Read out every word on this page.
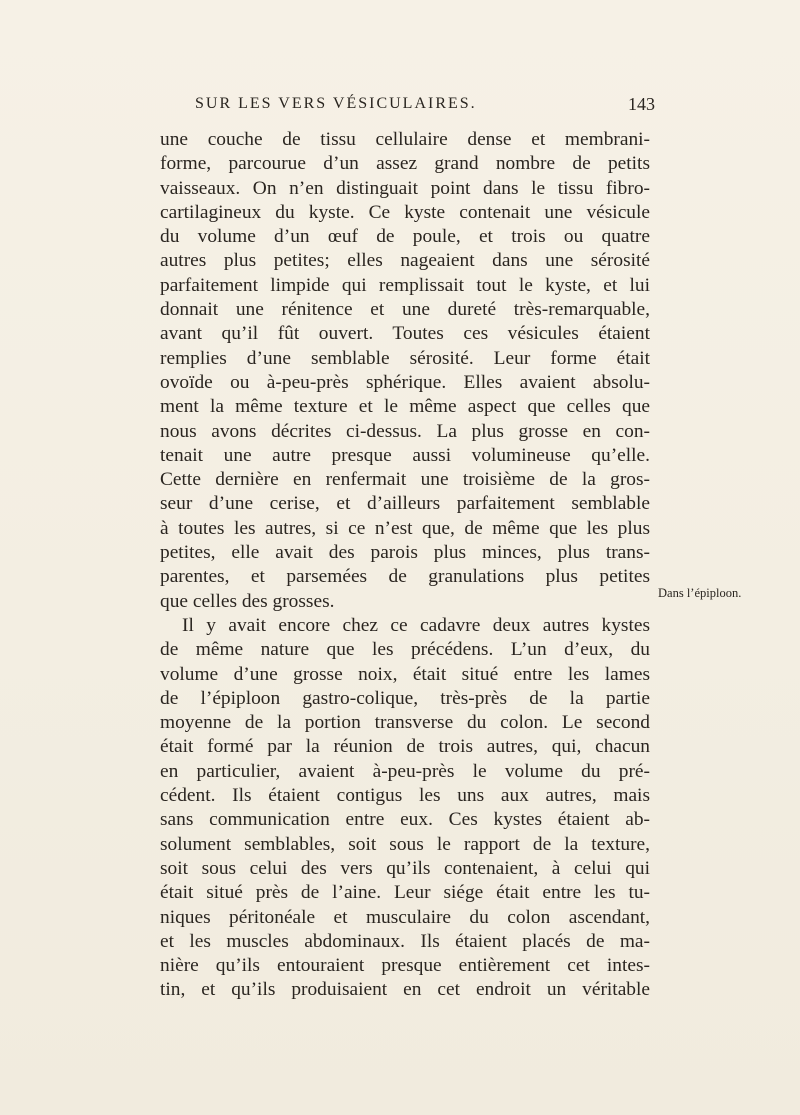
SUR LES VERS VÉSICULAIRES.	143
une couche de tissu cellulaire dense et membrani-
forme, parcourue d’un assez grand nombre de petits
vaisseaux. On n’en distinguait point dans le tissu fibro-
cartilagineux du kyste. Ce kyste contenait une vésicule
du volume d’un œuf de poule, et trois ou quatre
autres plus petites; elles nageaient dans une sérosité
parfaitement limpide qui remplissait tout le kyste, et lui
donnait une rénitence et une dureté très-remarquable,
avant qu’il fût ouvert. Toutes ces vésicules étaient
remplies d’une semblable sérosité. Leur forme était
ovoïde ou à-peu-près sphérique. Elles avaient absolu-
ment la même texture et le même aspect que celles que
nous avons décrites ci-dessus. La plus grosse en con-
tenait une autre presque aussi volumineuse qu’elle.
Cette dernière en renfermait une troisième de la gros-
seur d’une cerise, et d’ailleurs parfaitement semblable
à toutes les autres, si ce n’est que, de même que les plus
petites, elle avait des parois plus minces, plus trans-
parentes, et parsemées de granulations plus petites
que celles des grosses.
Il y avait encore chez ce cadavre deux autres kystes
de même nature que les précédens. L’un d’eux, du
volume d’une grosse noix, était situé entre les lames
de l’épiploon gastro-colique, très-près de la partie
moyenne de la portion transverse du colon. Le second
était formé par la réunion de trois autres, qui, chacun
en particulier, avaient à-peu-près le volume du pré-
cédent. Ils étaient contigus les uns aux autres, mais
sans communication entre eux. Ces kystes étaient ab-
solument semblables, soit sous le rapport de la texture,
soit sous celui des vers qu’ils contenaient, à celui qui
était situé près de l’aine. Leur siége était entre les tu-
niques péritonéale et musculaire du colon ascendant,
et les muscles abdominaux. Ils étaient placés de ma-
nière qu’ils entouraient presque entièrement cet intes-
tin, et qu’ils produisaient en cet endroit un véritable
Dans l’épiploon.
